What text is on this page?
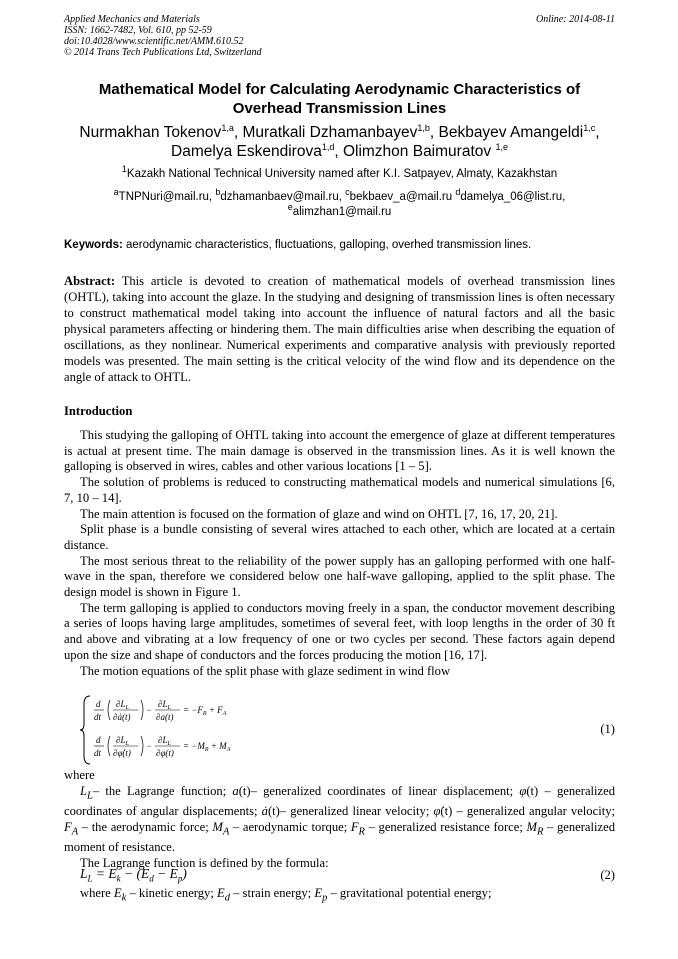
Applied Mechanics and Materials
ISSN: 1662-7482, Vol. 610, pp 52-59
doi:10.4028/www.scientific.net/AMM.610.52
© 2014 Trans Tech Publications Ltd, Switzerland
Online: 2014-08-11
Mathematical Model for Calculating Aerodynamic Characteristics of Overhead Transmission Lines
Nurmakhan Tokenov$^{1,a}$, Muratkali Dzhamanbayev$^{1,b}$, Bekbayev Amangeldi$^{1,c}$,
Damelya Eskendirova$^{1,d}$, Olimzhon Baimuratov $^{1,e}$
$^1$Kazakh National Technical University named after K.I. Satpayev, Almaty, Kazakhstan
$^a$TNPNuri@mail.ru, $^b$dzhamanbaev@mail.ru, $^c$bekbaev_a@mail.ru $^d$damelya_06@list.ru,
$^e$alimzhan1@mail.ru
Keywords: aerodynamic characteristics, fluctuations, galloping, overhed transmission lines.
Abstract: This article is devoted to creation of mathematical models of overhead transmission lines (OHTL), taking into account the glaze. In the studying and designing of transmission lines is often necessary to construct mathematical model taking into account the influence of natural factors and all the basic physical parameters affecting or hindering them. The main difficulties arise when describing the equation of oscillations, as they nonlinear. Numerical experiments and comparative analysis with previously reported models was presented. The main setting is the critical velocity of the wind flow and its dependence on the angle of attack to OHTL.
Introduction

This studying the galloping of OHTL taking into account the emergence of glaze at different temperatures is actual at present time. The main damage is observed in the transmission lines. As it is well known the galloping is observed in wires, cables and other various locations [1 – 5].

The solution of problems is reduced to constructing mathematical models and numerical simulations [6, 7, 10 – 14].

The main attention is focused on the formation of glaze and wind on OHTL [7, 16, 17, 20, 21].

Split phase is a bundle consisting of several wires attached to each other, which are located at a certain distance.

The most serious threat to the reliability of the power supply has an galloping performed with one half-wave in the span, therefore we considered below one half-wave galloping, applied to the split phase. The design model is shown in Figure 1.

The term galloping is applied to conductors moving freely in a span, the conductor movement describing a series of loops having large amplitudes, sometimes of several feet, with loop lengths in the order of 30 ft and above and vibrating at a low frequency of one or two cycles per second. These factors again depend upon the size and shape of conductors and the forces producing the motion [16, 17].

The motion equations of the split phase with glaze sediment in wind flow

d
dt
$\partial L_L$
∂ȧ(t)
−
$\partial L_L$
∂a(t)
= $-F_R + F_A$
d
dt
$\partial L_L$
∂φ̇(t)
−
$\partial L_L$
∂φ(t)
= $-M_R + M_A$
(1)

where

$L_L-$ the Lagrange function; a(t)– generalized coordinates of linear displacement; φ(t) – generalized coordinates of angular displacements; ȧ(t)– generalized linear velocity; φ̇(t) – generalized angular velocity; $F_A$ – the aerodynamic force; $M_A$ – aerodynamic torque; $F_R$ – generalized resistance force; $M_R$ – generalized moment of resistance.

The Lagrange function is defined by the formula:

$L_L = E_k - (E_d - E_p)$	(2)
where $E_k$ – kinetic energy; $E_d$ – strain energy; $E_p$ – gravitational potential energy;
